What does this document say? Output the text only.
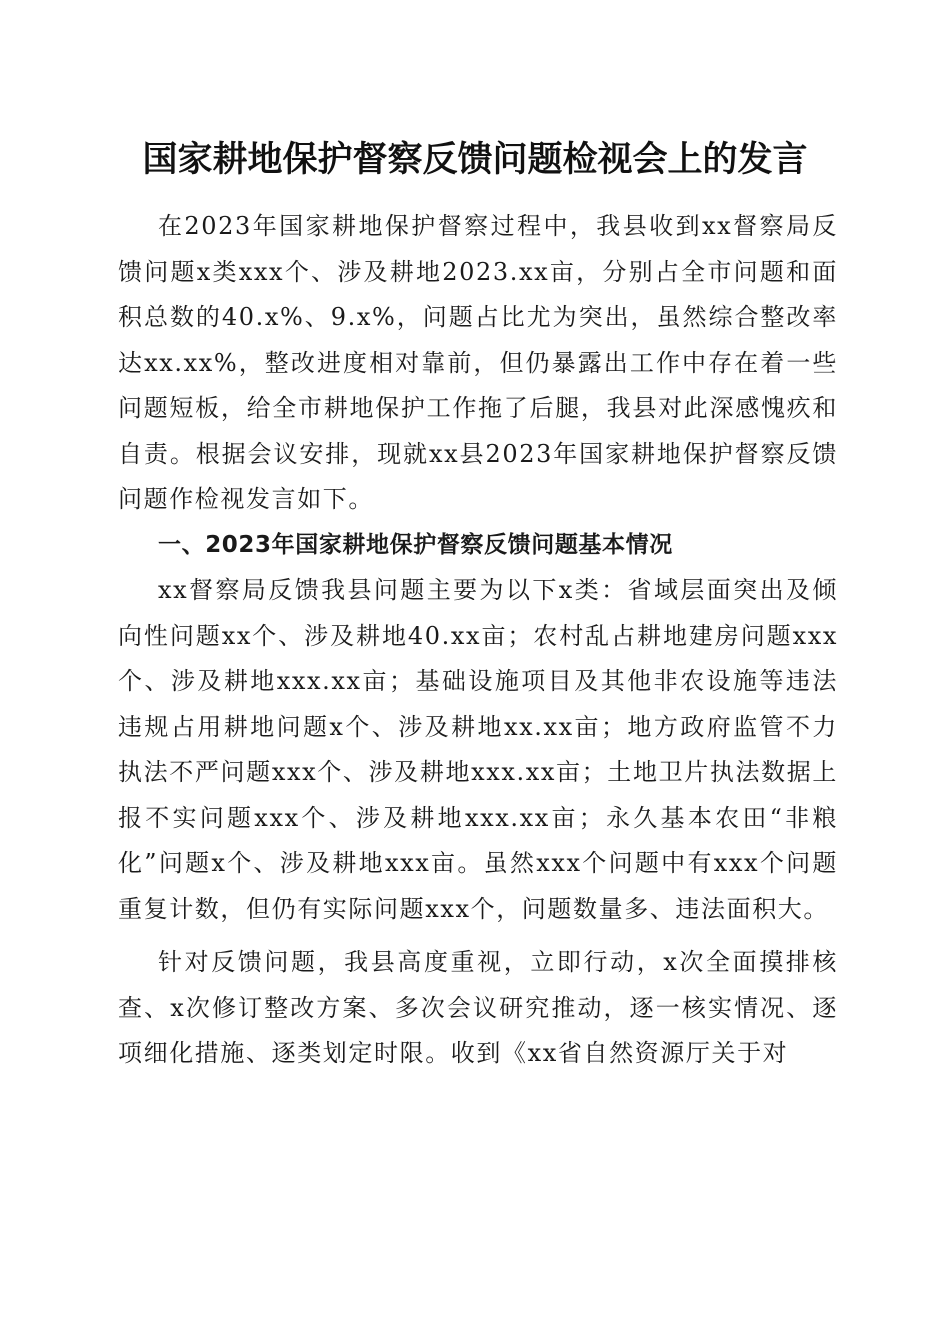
国家耕地保护督察反馈问题检视会上的发言

在2023年国家耕地保护督察过程中，我县收到xx督察局反馈问题x类xxx个、涉及耕地2023.xx亩，分别占全市问题和面积总数的40.x%、9.x%，问题占比尤为突出，虽然综合整改率达xx.xx%，整改进度相对靠前，但仍暴露出工作中存在着一些问题短板，给全市耕地保护工作拖了后腿，我县对此深感愧疚和自责。根据会议安排，现就xx县2023年国家耕地保护督察反馈问题作检视发言如下。

一、2023年国家耕地保护督察反馈问题基本情况

xx督察局反馈我县问题主要为以下x类：省域层面突出及倾向性问题xx个、涉及耕地40.xx亩；农村乱占耕地建房问题xxx个、涉及耕地xxx.xx亩；基础设施项目及其他非农设施等违法违规占用耕地问题x个、涉及耕地xx.xx亩；地方政府监管不力执法不严问题xxx个、涉及耕地xxx.xx亩；土地卫片执法数据上报不实问题xxx个、涉及耕地xxx.xx亩；永久基本农田“非粮化”问题x个、涉及耕地xxx亩。虽然xxx个问题中有xxx个问题重复计数，但仍有实际问题xxx个，问题数量多、违法面积大。

针对反馈问题，我县高度重视，立即行动，x次全面摸排核查、x次修订整改方案、多次会议研究推动，逐一核实情况、逐项细化措施、逐类划定时限。收到《xx省自然资源厅关于对
